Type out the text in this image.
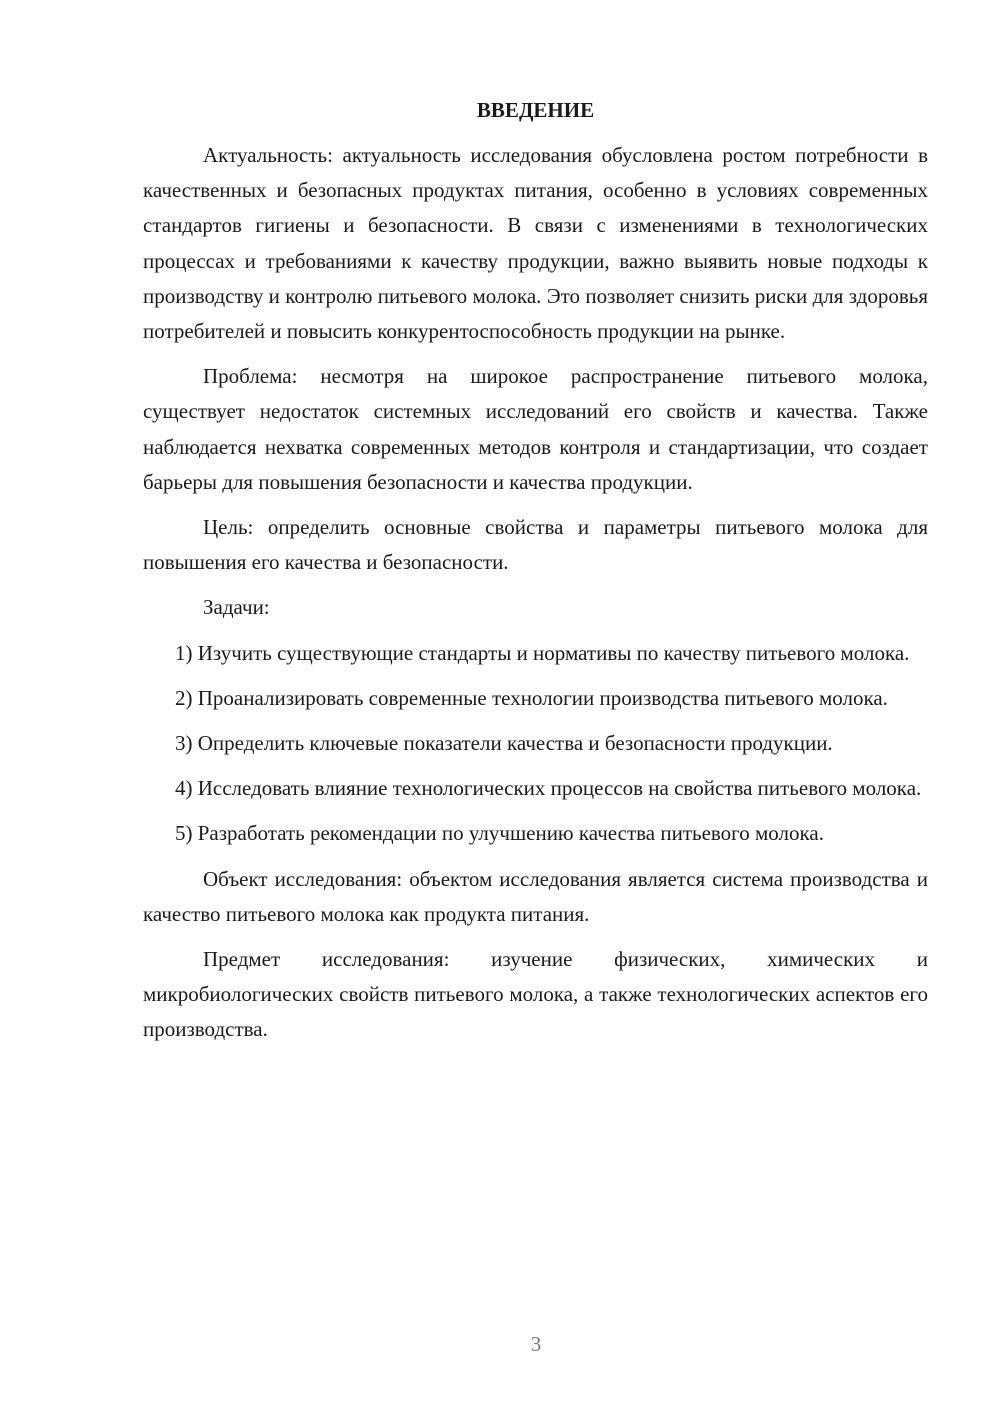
ВВЕДЕНИЕ

Актуальность: актуальность исследования обусловлена ростом потребности в качественных и безопасных продуктах питания, особенно в условиях современных стандартов гигиены и безопасности. В связи с изменениями в технологических процессах и требованиями к качеству продукции, важно выявить новые подходы к производству и контролю питьевого молока. Это позволяет снизить риски для здоровья потребителей и повысить конкурентоспособность продукции на рынке.

Проблема: несмотря на широкое распространение питьевого молока, существует недостаток системных исследований его свойств и качества. Также наблюдается нехватка современных методов контроля и стандартизации, что создает барьеры для повышения безопасности и качества продукции.

Цель: определить основные свойства и параметры питьевого молока для повышения его качества и безопасности.

Задачи:

1) Изучить существующие стандарты и нормативы по качеству питьевого молока.

2) Проанализировать современные технологии производства питьевого молока.

3) Определить ключевые показатели качества и безопасности продукции.

4) Исследовать влияние технологических процессов на свойства питьевого молока.

5) Разработать рекомендации по улучшению качества питьевого молока.

Объект исследования: объектом исследования является система производства и качество питьевого молока как продукта питания.

Предмет исследования: изучение физических, химических и микробиологических свойств питьевого молока, а также технологических аспектов его производства.

3
